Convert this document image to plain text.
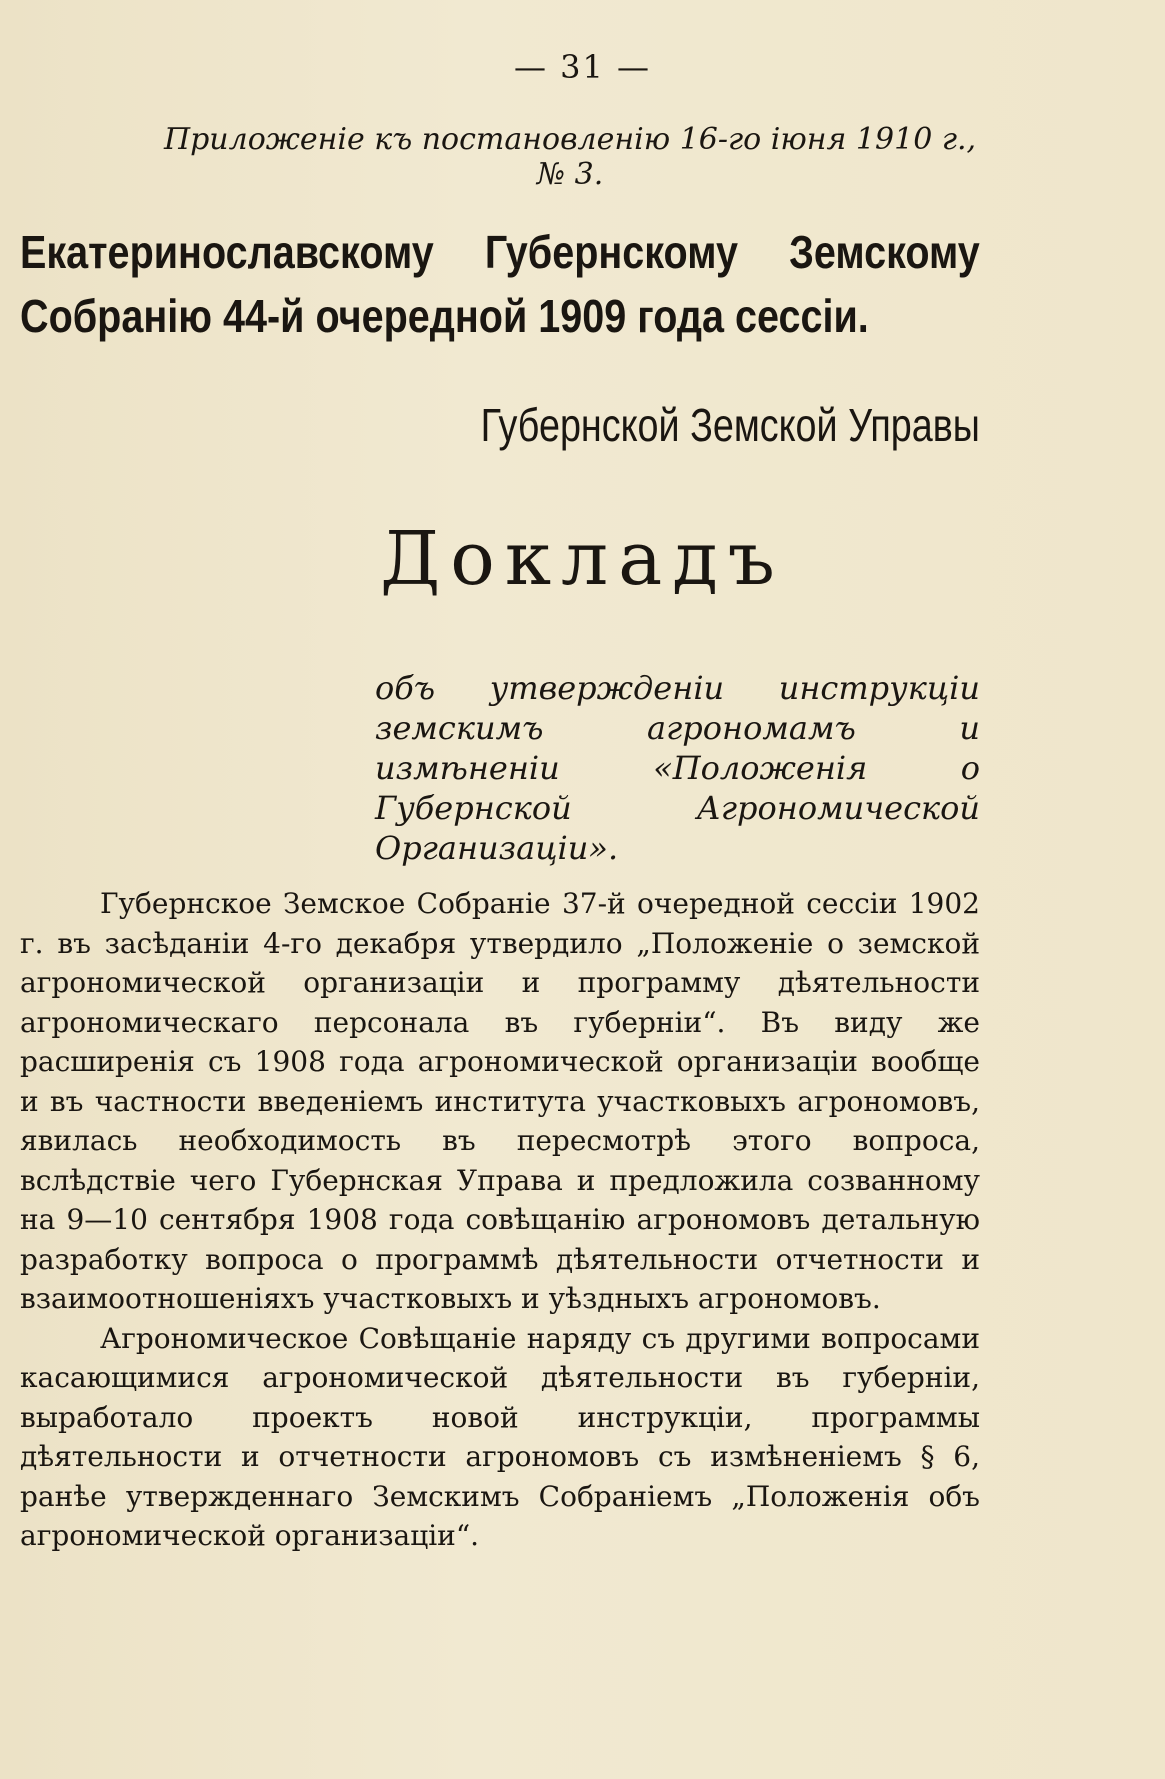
— 31 —
Приложеніе къ постановленію 16-го іюня 1910 г., № 3.
Екатеринославскому Губернскому Земскому Собранію 44-й очередной 1909 года сессіи.
Губернской Земской Управы
Докладъ

объ утвержденіи инструкціи земскимъ агрономамъ и измѣненіи «Положенія о Губернской Агрономической Организаціи».

Губернское Земское Собраніе 37-й очередной сессіи 1902 г. въ засѣданіи 4-го декабря утвердило „Положеніе о земской агрономической организаціи и программу дѣятельности агрономическаго персонала въ губерніи“. Въ виду же расширенія съ 1908 года агрономической организаціи вообще и въ частности введеніемъ института участковыхъ агрономовъ, явилась необходимость въ пересмотрѣ этого вопроса, вслѣдствіе чего Губернская Управа и предложила созванному на 9—10 сентября 1908 года совѣщанію агрономовъ детальную разработку вопроса о программѣ дѣятельности отчетности и взаимоотношеніяхъ участковыхъ и уѣздныхъ агрономовъ.

Агрономическое Совѣщаніе наряду съ другими вопросами касающимися агрономической дѣятельности въ губерніи, выработало проектъ новой инструкціи, программы дѣятельности и отчетности агрономовъ съ измѣненіемъ § 6, ранѣе утвержденнаго Земскимъ Собраніемъ „Положенія объ агрономической организаціи“.
